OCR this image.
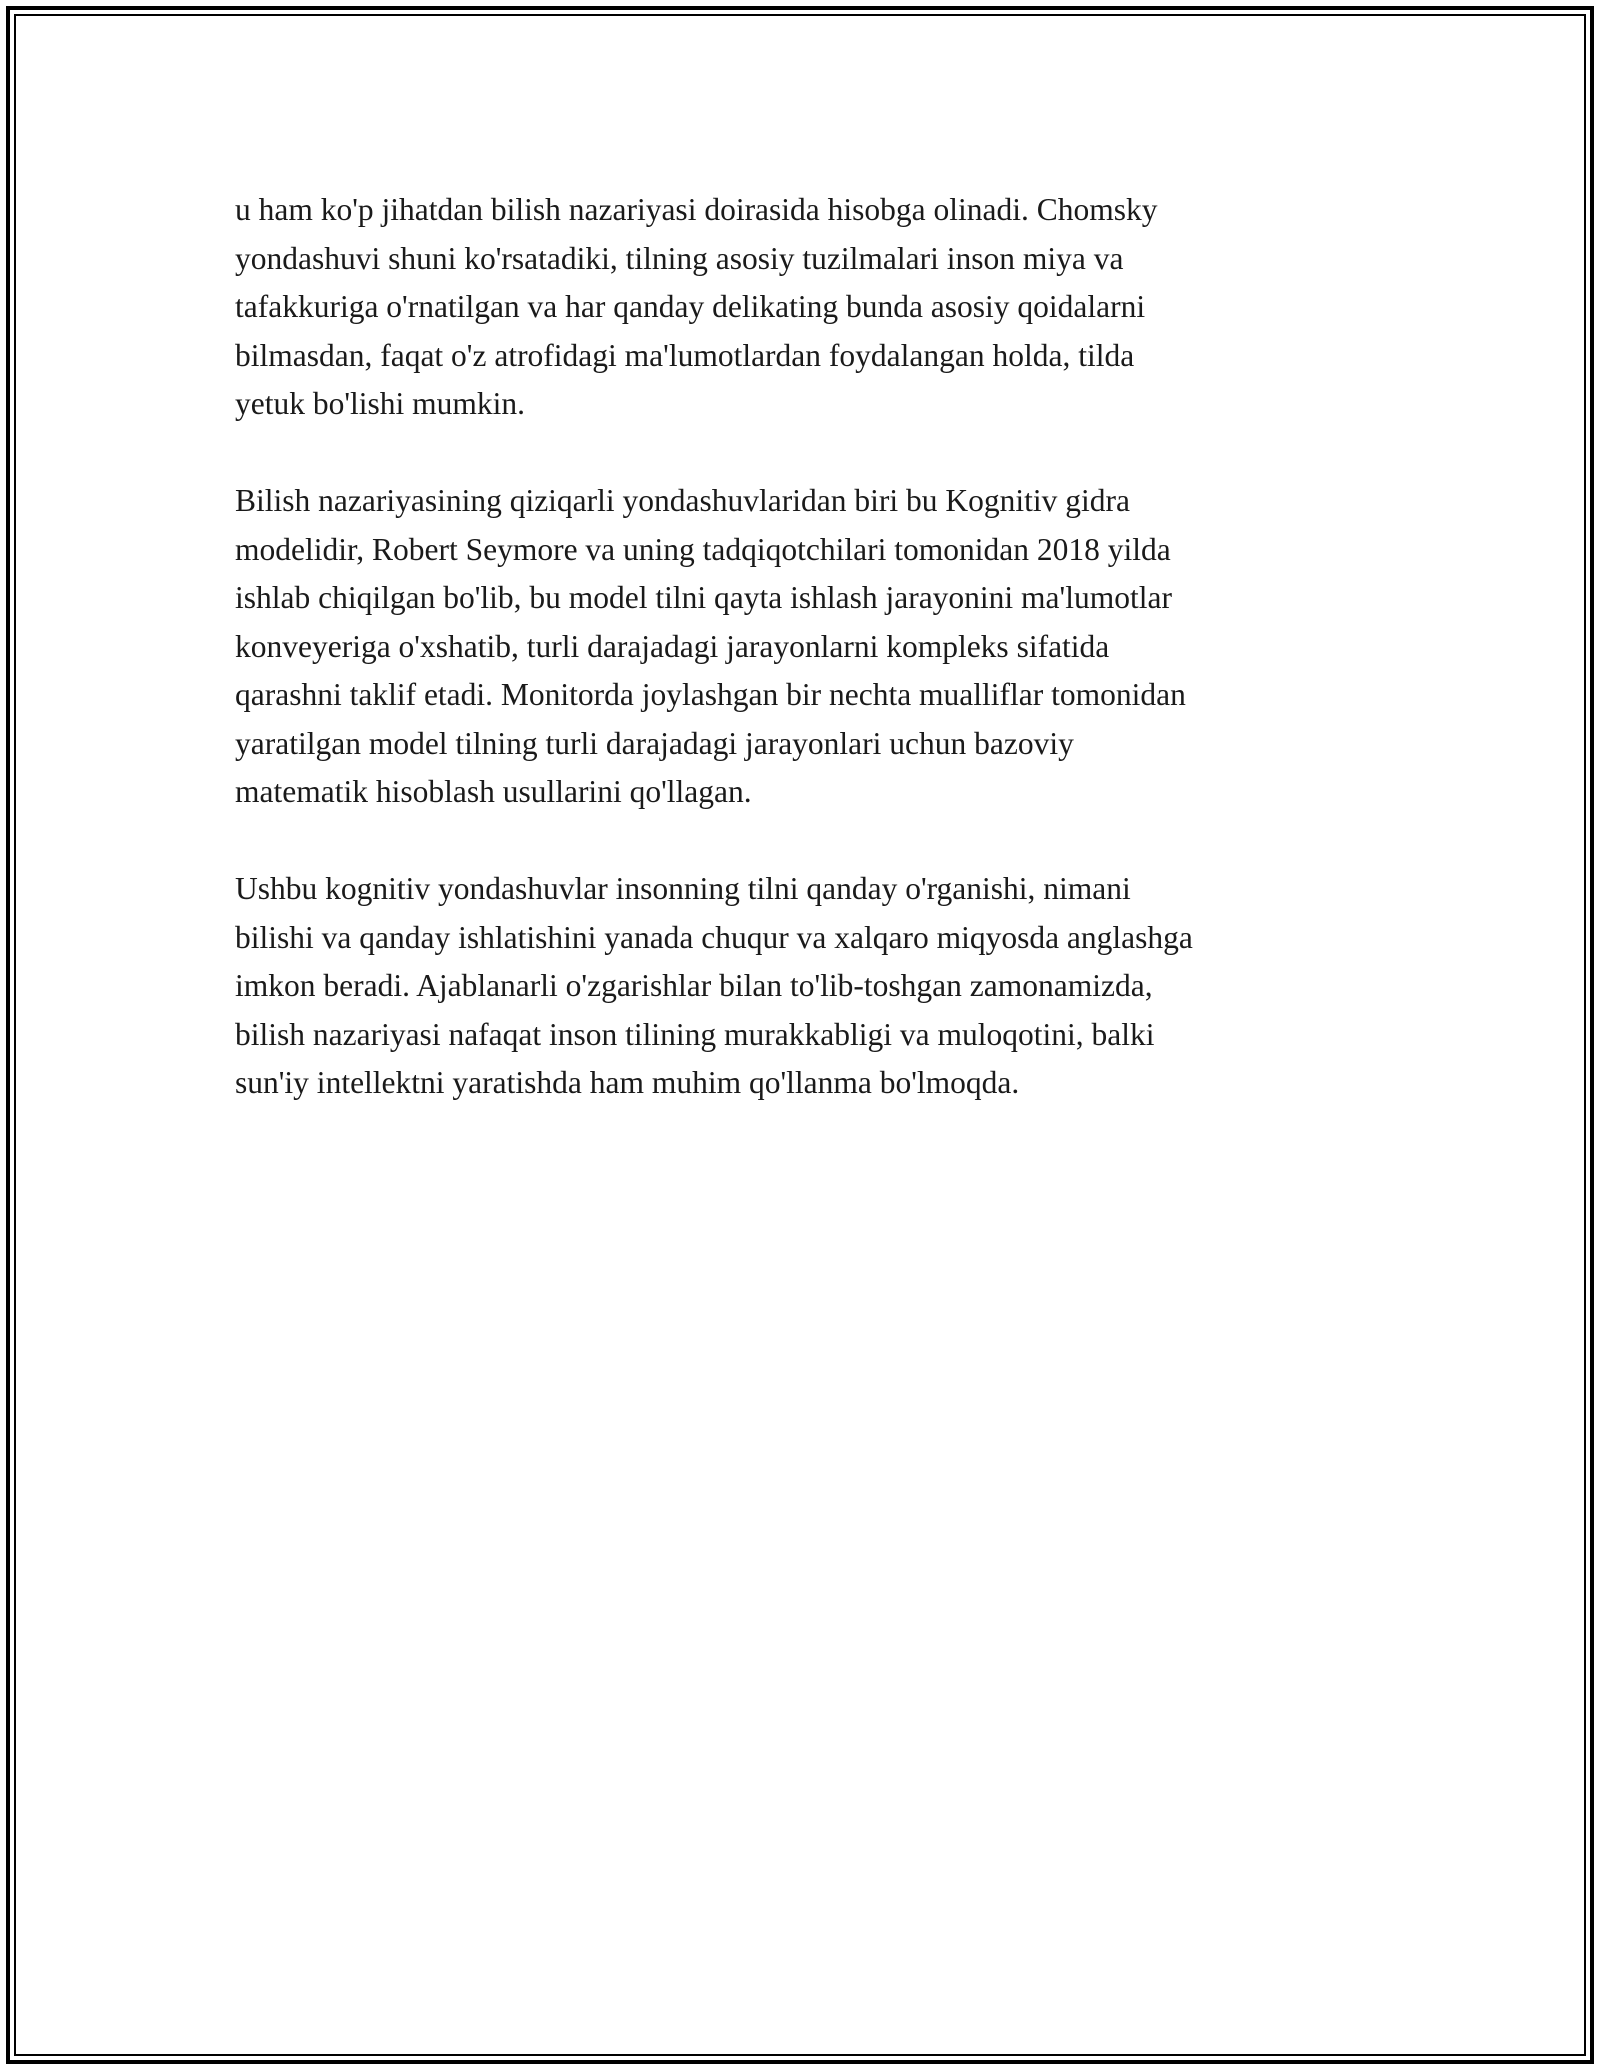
u ham ko'p jihatdan bilish nazariyasi doirasida hisobga olinadi. Chomsky
yondashuvi shuni ko'rsatadiki, tilning asosiy tuzilmalari inson miya va
tafakkuriga o'rnatilgan va har qanday delikating bunda asosiy qoidalarni
bilmasdan, faqat o'z atrofidagi ma'lumotlardan foydalangan holda, tilda
yetuk bo'lishi mumkin.

Bilish nazariyasining qiziqarli yondashuvlaridan biri bu Kognitiv gidra
modelidir, Robert Seymore va uning tadqiqotchilari tomonidan 2018 yilda
ishlab chiqilgan bo'lib, bu model tilni qayta ishlash jarayonini ma'lumotlar
konveyeriga o'xshatib, turli darajadagi jarayonlarni kompleks sifatida
qarashni taklif etadi. Monitorda joylashgan bir nechta mualliflar tomonidan
yaratilgan model tilning turli darajadagi jarayonlari uchun bazoviy
matematik hisoblash usullarini qo'llagan.

Ushbu kognitiv yondashuvlar insonning tilni qanday o'rganishi, nimani
bilishi va qanday ishlatishini yanada chuqur va xalqaro miqyosda anglashga
imkon beradi. Ajablanarli o'zgarishlar bilan to'lib-toshgan zamonamizda,
bilish nazariyasi nafaqat inson tilining murakkabligi va muloqotini, balki
sun'iy intellektni yaratishda ham muhim qo'llanma bo'lmoqda.
